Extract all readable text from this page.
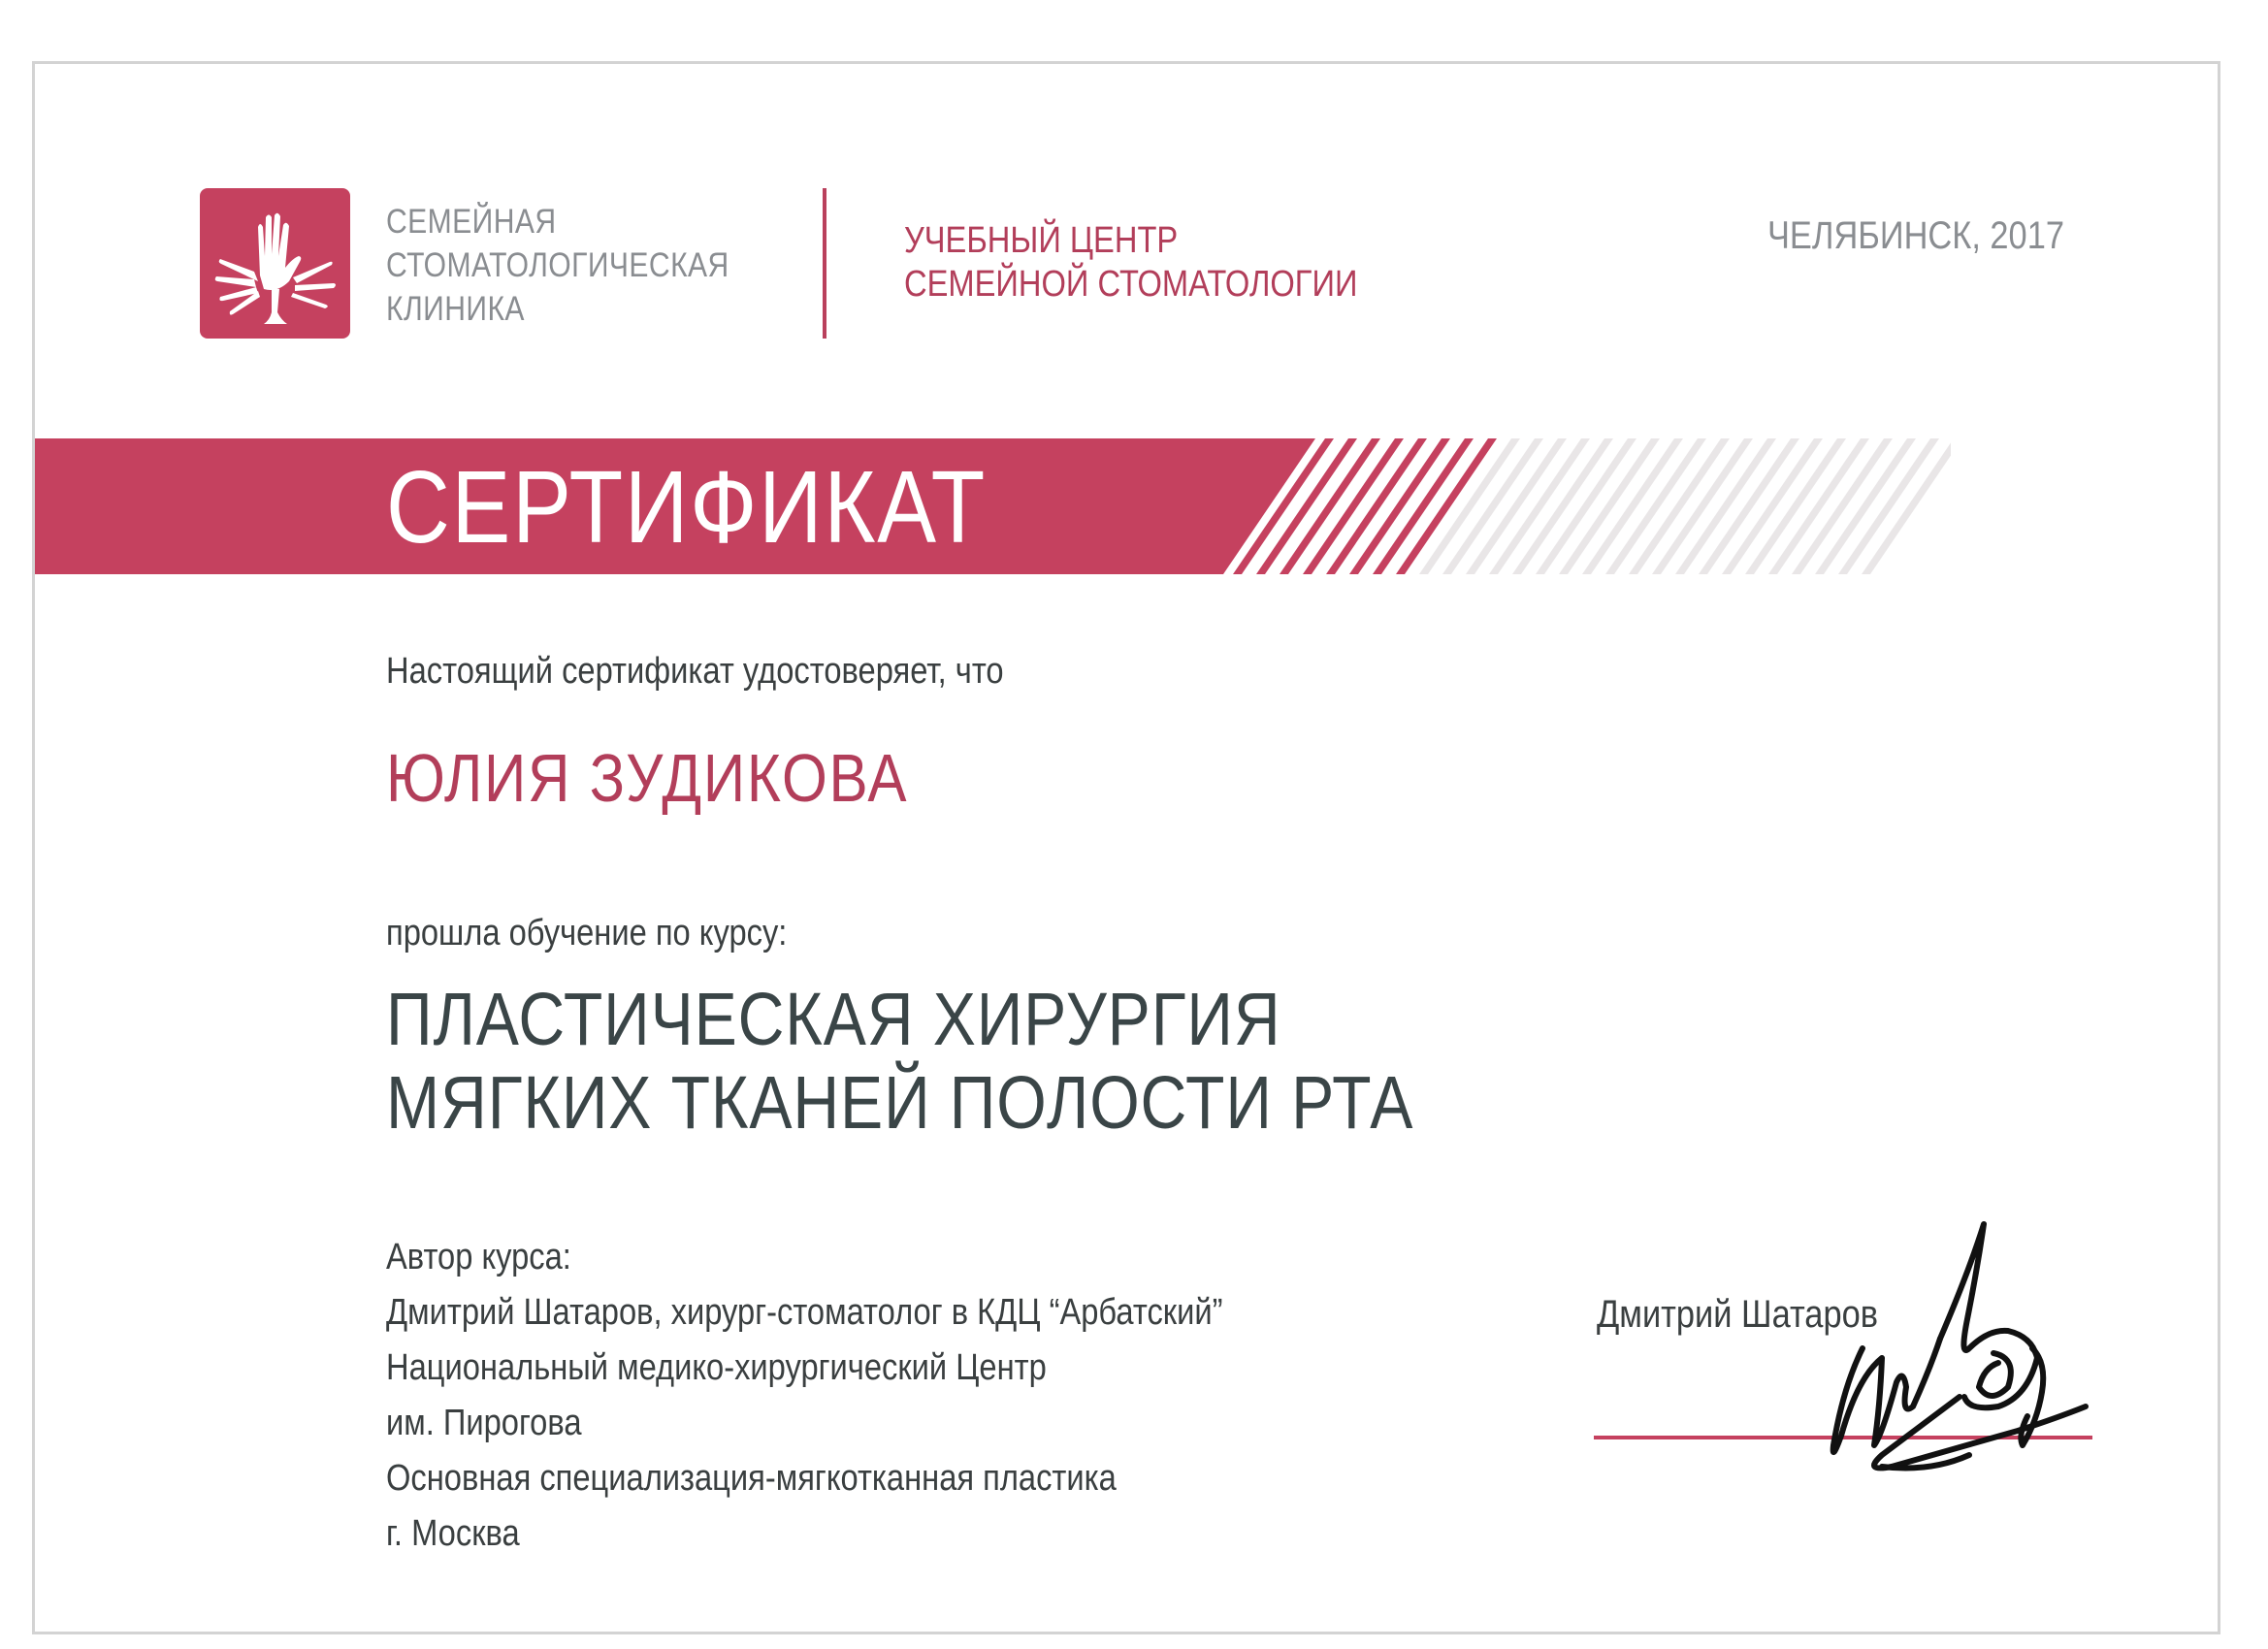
СЕМЕЙНАЯ
СТОМАТОЛОГИЧЕСКАЯ
КЛИНИКА
УЧЕБНЫЙ ЦЕНТР
СЕМЕЙНОЙ СТОМАТОЛОГИИ
ЧЕЛЯБИНСК, 2017
СЕРТИФИКАТ
Настоящий сертификат удостоверяет, что
ЮЛИЯ ЗУДИКОВА
прошла обучение по курсу:
ПЛАСТИЧЕСКАЯ ХИРУРГИЯ
МЯГКИХ ТКАНЕЙ ПОЛОСТИ РТА
Автор курса:
Дмитрий Шатаров, хирург-стоматолог в КДЦ “Арбатский”
Национальный медико-хирургический Центр
им. Пирогова
Основная специализация-мягкотканная пластика
г. Москва
Дмитрий Шатаров
